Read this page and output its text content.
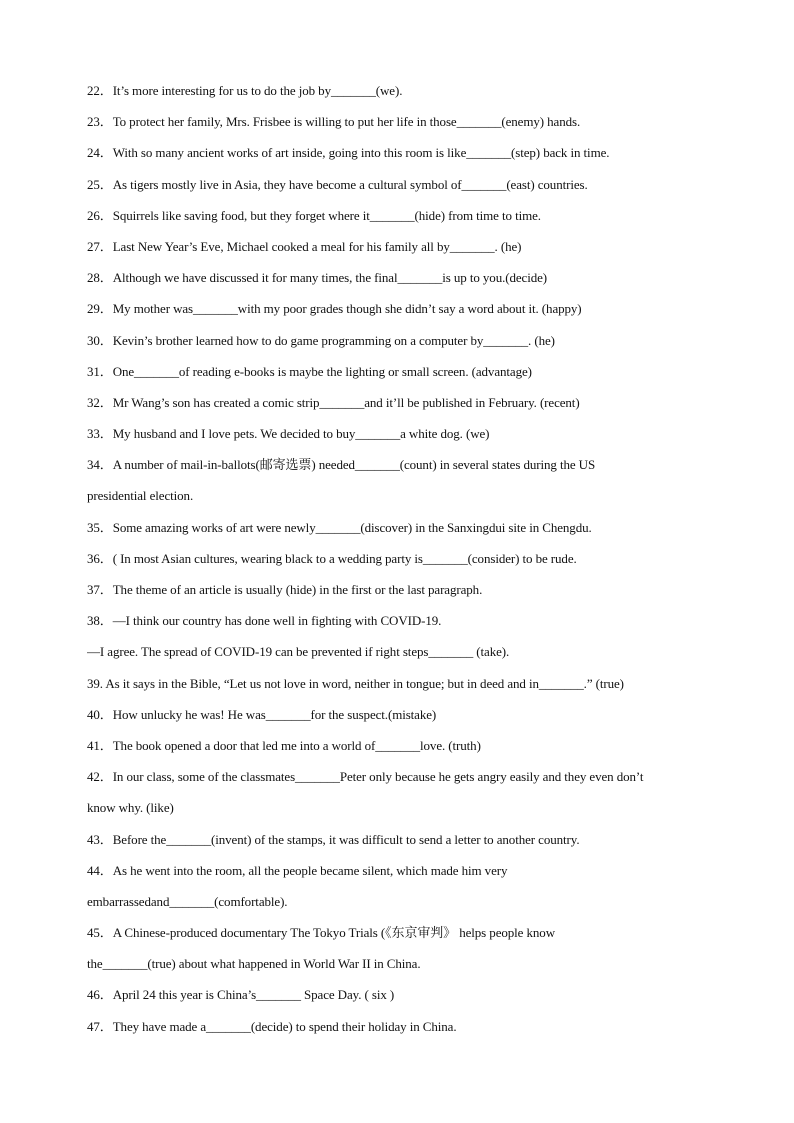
22．It’s more interesting for us to do the job by_______(we).
23．To protect her family, Mrs. Frisbee is willing to put her life in those_______(enemy) hands.
24．With so many ancient works of art inside, going into this room is like_______(step) back in time.
25．As tigers mostly live in Asia, they have become a cultural symbol of_______(east) countries.
26．Squirrels like saving food, but they forget where it_______(hide) from time to time.
27．Last New Year’s Eve, Michael cooked a meal for his family all by_______. (he)
28．Although we have discussed it for many times, the final_______is up to you.(decide)
29．My mother was_______with my poor grades though she didn’t say a word about it. (happy)
30．Kevin’s brother learned how to do game programming on a computer by_______. (he)
31．One_______of reading e-books is maybe the lighting or small screen. (advantage)
32．Mr Wang’s son has created a comic strip_______and it’ll be published in February. (recent)
33．My husband and I love pets. We decided to buy_______a white dog. (we)
34．A number of mail-in-ballots(邮寄选票) needed_______(count) in several states during the US
presidential election.
35．Some amazing works of art were newly_______(discover) in the Sanxingdui site in Chengdu.
36．( In most Asian cultures, wearing black to a wedding party is_______(consider) to be rude.
37．The theme of an article is usually (hide) in the first or the last paragraph.
38．—I think our country has done well in fighting with COVID-19.
—I agree. The spread of COVID-19 can be prevented if right steps_______ (take).
39. As it says in the Bible, “Let us not love in word, neither in tongue; but in deed and in_______.” (true)
40．How unlucky he was! He was_______for the suspect.(mistake)
41．The book opened a door that led me into a world of_______love. (truth)
42．In our class, some of the classmates_______Peter only because he gets angry easily and they even don’t
know why. (like)
43．Before the_______(invent) of the stamps, it was difficult to send a letter to another country.
44．As he went into the room, all the people became silent, which made him very
embarrassedand_______(comfortable).
45．A Chinese-produced documentary The Tokyo Trials (《东京审判》 helps people know
the_______(true) about what happened in World War II in China.
46．April 24 this year is China’s_______ Space Day. ( six )
47．They have made a_______(decide) to spend their holiday in China.
